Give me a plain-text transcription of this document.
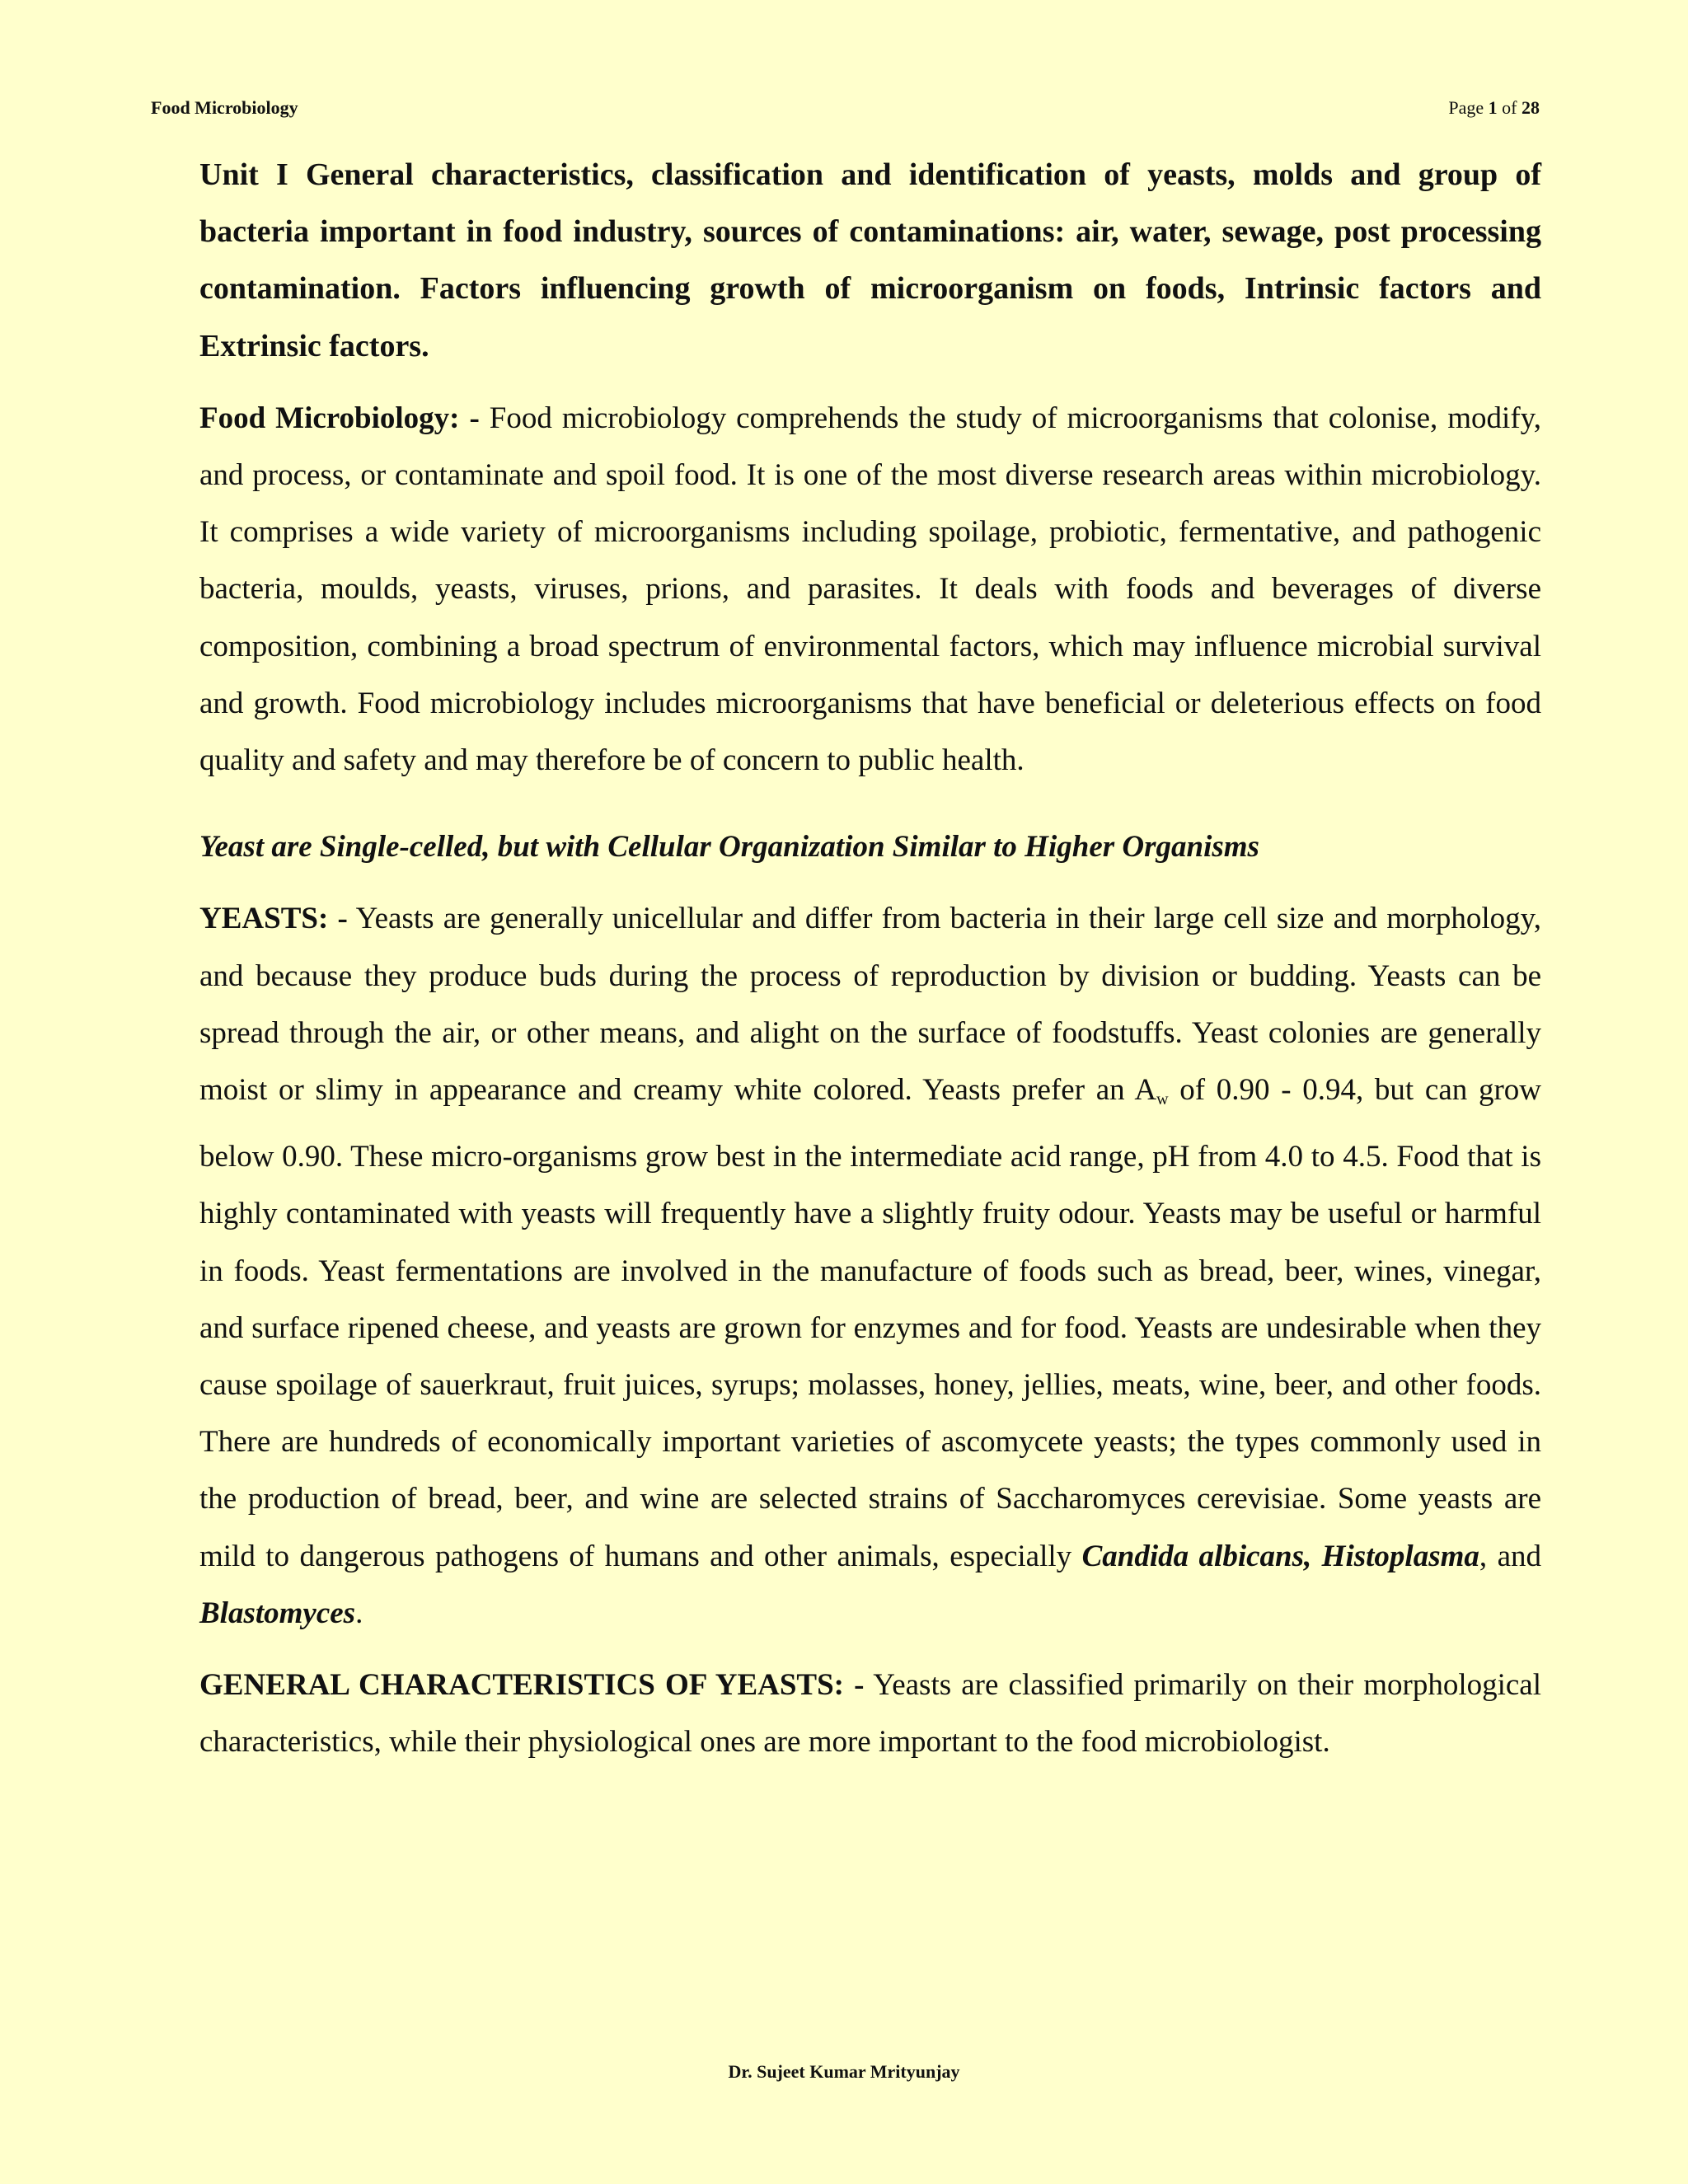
Food Microbiology	Page 1 of 28

Unit I General characteristics, classification and identification of yeasts, molds and group of bacteria important in food industry, sources of contaminations: air, water, sewage, post processing contamination. Factors influencing growth of microorganism on foods, Intrinsic factors and Extrinsic factors.

Food Microbiology: - Food microbiology comprehends the study of microorganisms that colonise, modify, and process, or contaminate and spoil food. It is one of the most diverse research areas within microbiology. It comprises a wide variety of microorganisms including spoilage, probiotic, fermentative, and pathogenic bacteria, moulds, yeasts, viruses, prions, and parasites. It deals with foods and beverages of diverse composition, combining a broad spectrum of environmental factors, which may influence microbial survival and growth. Food microbiology includes microorganisms that have beneficial or deleterious effects on food quality and safety and may therefore be of concern to public health.

Yeast are Single-celled, but with Cellular Organization Similar to Higher Organisms

YEASTS: - Yeasts are generally unicellular and differ from bacteria in their large cell size and morphology, and because they produce buds during the process of reproduction by division or budding. Yeasts can be spread through the air, or other means, and alight on the surface of foodstuffs. Yeast colonies are generally moist or slimy in appearance and creamy white colored. Yeasts prefer an $A_w$ of 0.90 - 0.94, but can grow below 0.90. These micro-organisms grow best in the intermediate acid range, pH from 4.0 to 4.5. Food that is highly contaminated with yeasts will frequently have a slightly fruity odour. Yeasts may be useful or harmful in foods. Yeast fermentations are involved in the manufacture of foods such as bread, beer, wines, vinegar, and surface ripened cheese, and yeasts are grown for enzymes and for food. Yeasts are undesirable when they cause spoilage of sauerkraut, fruit juices, syrups; molasses, honey, jellies, meats, wine, beer, and other foods. There are hundreds of economically important varieties of ascomycete yeasts; the types commonly used in the production of bread, beer, and wine are selected strains of Saccharomyces cerevisiae. Some yeasts are mild to dangerous pathogens of humans and other animals, especially Candida albicans, Histoplasma, and Blastomyces.

GENERAL CHARACTERISTICS OF YEASTS: - Yeasts are classified primarily on their morphological characteristics, while their physiological ones are more important to the food microbiologist.

Dr. Sujeet Kumar Mrityunjay
